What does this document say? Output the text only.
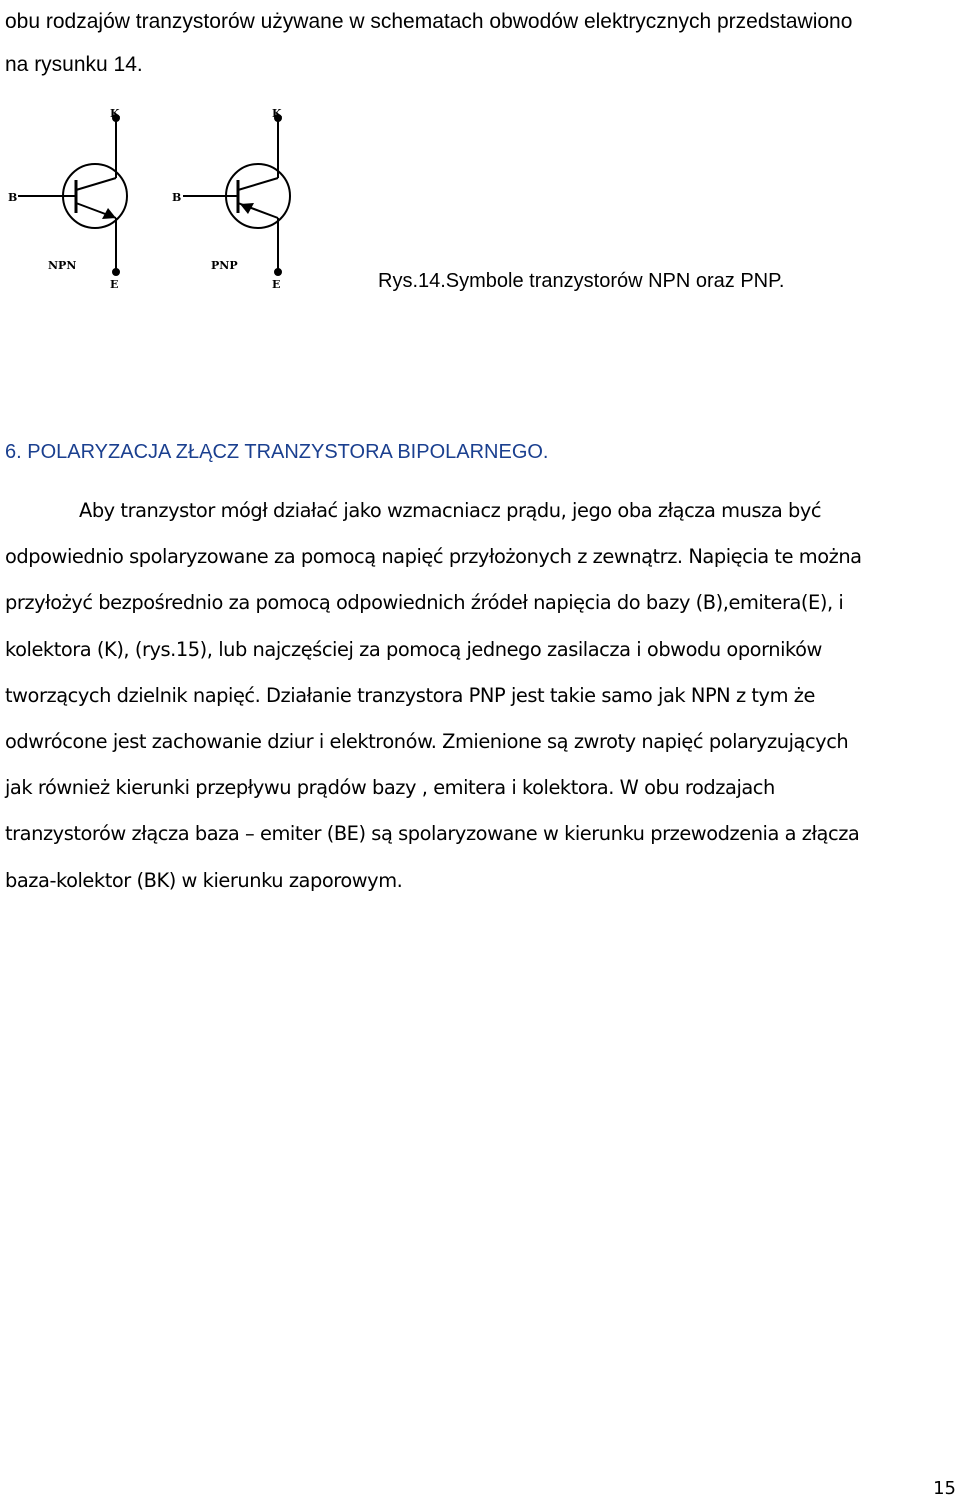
obu rodzajów tranzystorów używane w schematach obwodów elektrycznych przedstawiono
na rysunku 14.
K
B
E
NPN
K
B
E
PNP
Rys.14.Symbole tranzystorów NPN oraz PNP.
6. POLARYZACJA ZŁĄCZ TRANZYSTORA BIPOLARNEGO.
Aby tranzystor mógł działać jako wzmacniacz prądu, jego oba złącza musza być
odpowiednio spolaryzowane za pomocą napięć przyłożonych z zewnątrz. Napięcia te można
przyłożyć bezpośrednio za pomocą odpowiednich źródeł napięcia do bazy (B),emitera(E), i
kolektora (K), (rys.15), lub najczęściej za pomocą jednego zasilacza i obwodu oporników
tworzących dzielnik napięć. Działanie tranzystora PNP jest takie samo jak NPN z tym że
odwrócone jest zachowanie dziur i elektronów. Zmienione są zwroty napięć polaryzujących
jak również kierunki przepływu prądów bazy , emitera i kolektora. W obu rodzajach
tranzystorów złącza baza – emiter (BE) są spolaryzowane w kierunku przewodzenia a złącza
baza-kolektor (BK) w kierunku zaporowym.
15
